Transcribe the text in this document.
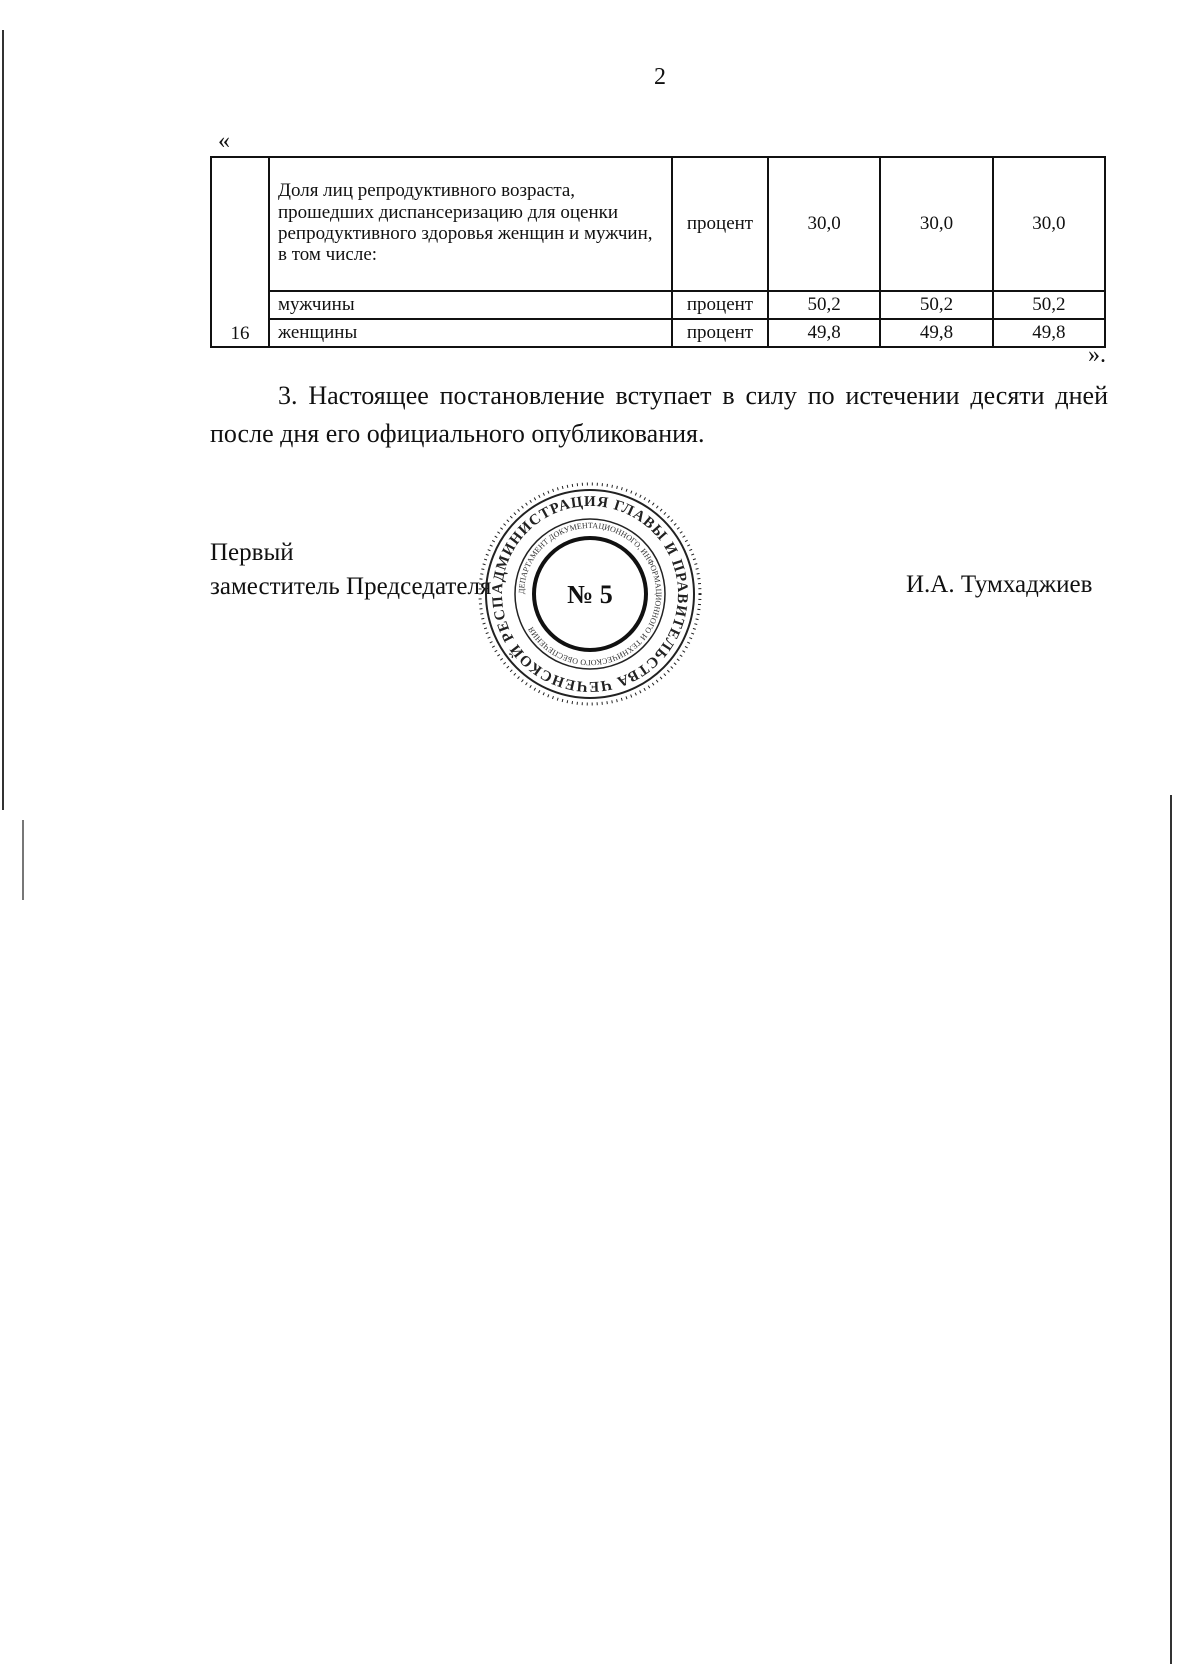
2
«
16	Доля лиц репродуктивного возраста,
прошедших диспансеризацию для оценки
репродуктивного здоровья женщин и мужчин,
в том числе:	процент	30,0	30,0	30,0
	мужчины	процент	50,2	50,2	50,2
	женщины	процент	49,8	49,8	49,8
».

3. Настоящее постановление вступает в силу по истечении десяти дней после дня его официального опубликования.

Первый
заместитель Председателя
АДМИНИСТРАЦИЯ ГЛАВЫ И ПРАВИТЕЛЬСТВА ЧЕЧЕНСКОЙ РЕСП
ДЕПАРТАМЕНТ ДОКУМЕНТАЦИОННОГО, ИНФОРМАЦИОННОГО И ТЕХНИЧЕСКОГО ОБЕСПЕЧЕНИЯ
№ 5	И.А. Тумхаджиев
